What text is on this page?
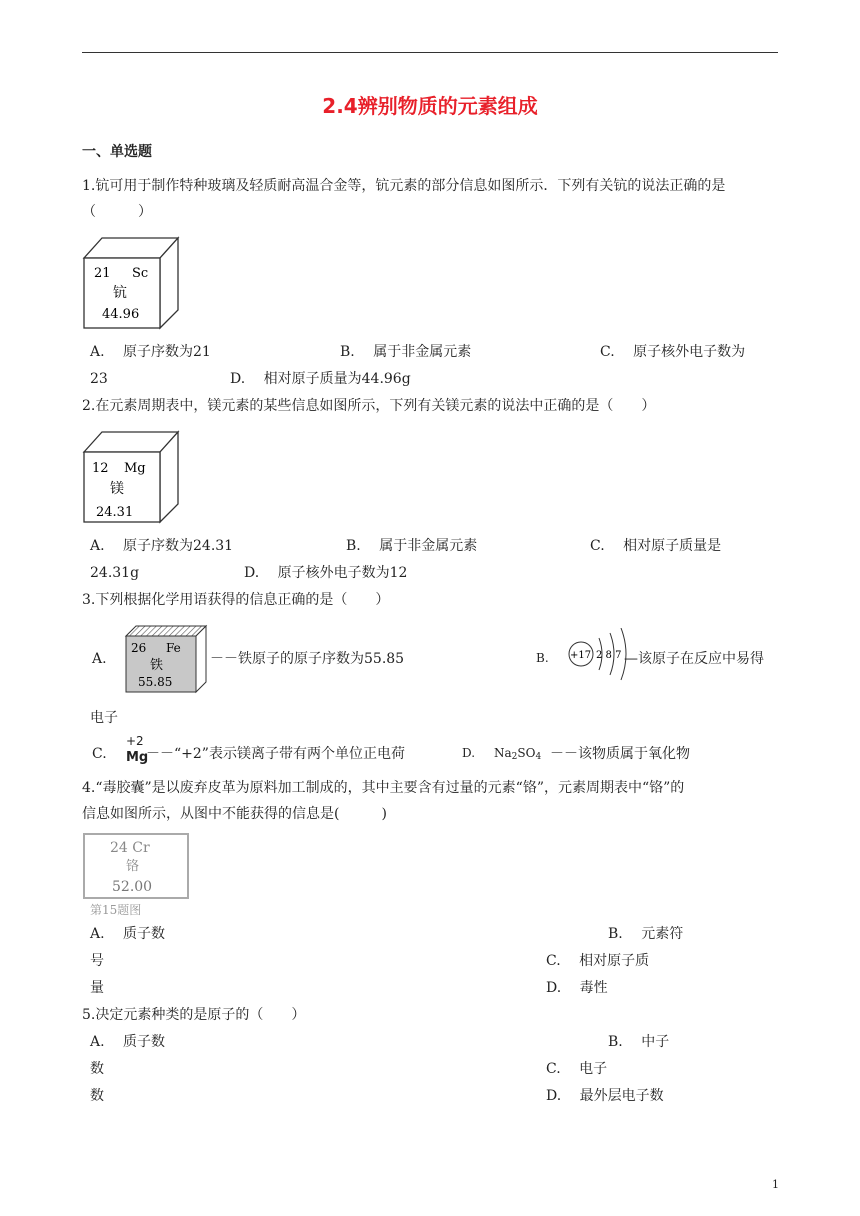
2.4辨别物质的元素组成
一、单选题
1.钪可用于制作特种玻璃及轻质耐高温合金等，钪元素的部分信息如图所示．下列有关钪的说法正确的是
（　　　）
21 Sc
钪
44.96
A.　 原子序数为21	B.　 属于非金属元素	C.　 原子核外电子数为
23	D.　 相对原子质量为44.96g
2.在元素周期表中，镁元素的某些信息如图所示，下列有关镁元素的说法中正确的是（　　）
12 Mg
镁
24.31
A.　 原子序数为24.31	B.　 属于非金属元素	C.　 相对原子质量是
24.31g	D.　 原子核外电子数为12
3.下列根据化学用语获得的信息正确的是（　　）
A.
26 Fe
铁
55.85
－－铁原子的原子序数为55.85	B. +17 2 8 7 —该原子在反应中易得
电子
C.
+2
Mg
－－“+2”表示镁离子带有两个单位正电荷	D. $Na_2SO_4$ －－该物质属于氧化物
4.“毒胶囊”是以废弃皮革为原料加工制成的，其中主要含有过量的元素“铬”，元素周期表中“铬”的
信息如图所示，从图中不能获得的信息是(　　　)
24 Cr
铬
52.00
第15题图
A.　 质子数	B.　 元素符
号	C.　 相对原子质
量	D.　 毒性
5.决定元素种类的是原子的（　　）
A.　 质子数	B.　 中子
数	C.　 电子
数	D.　 最外层电子数
1
